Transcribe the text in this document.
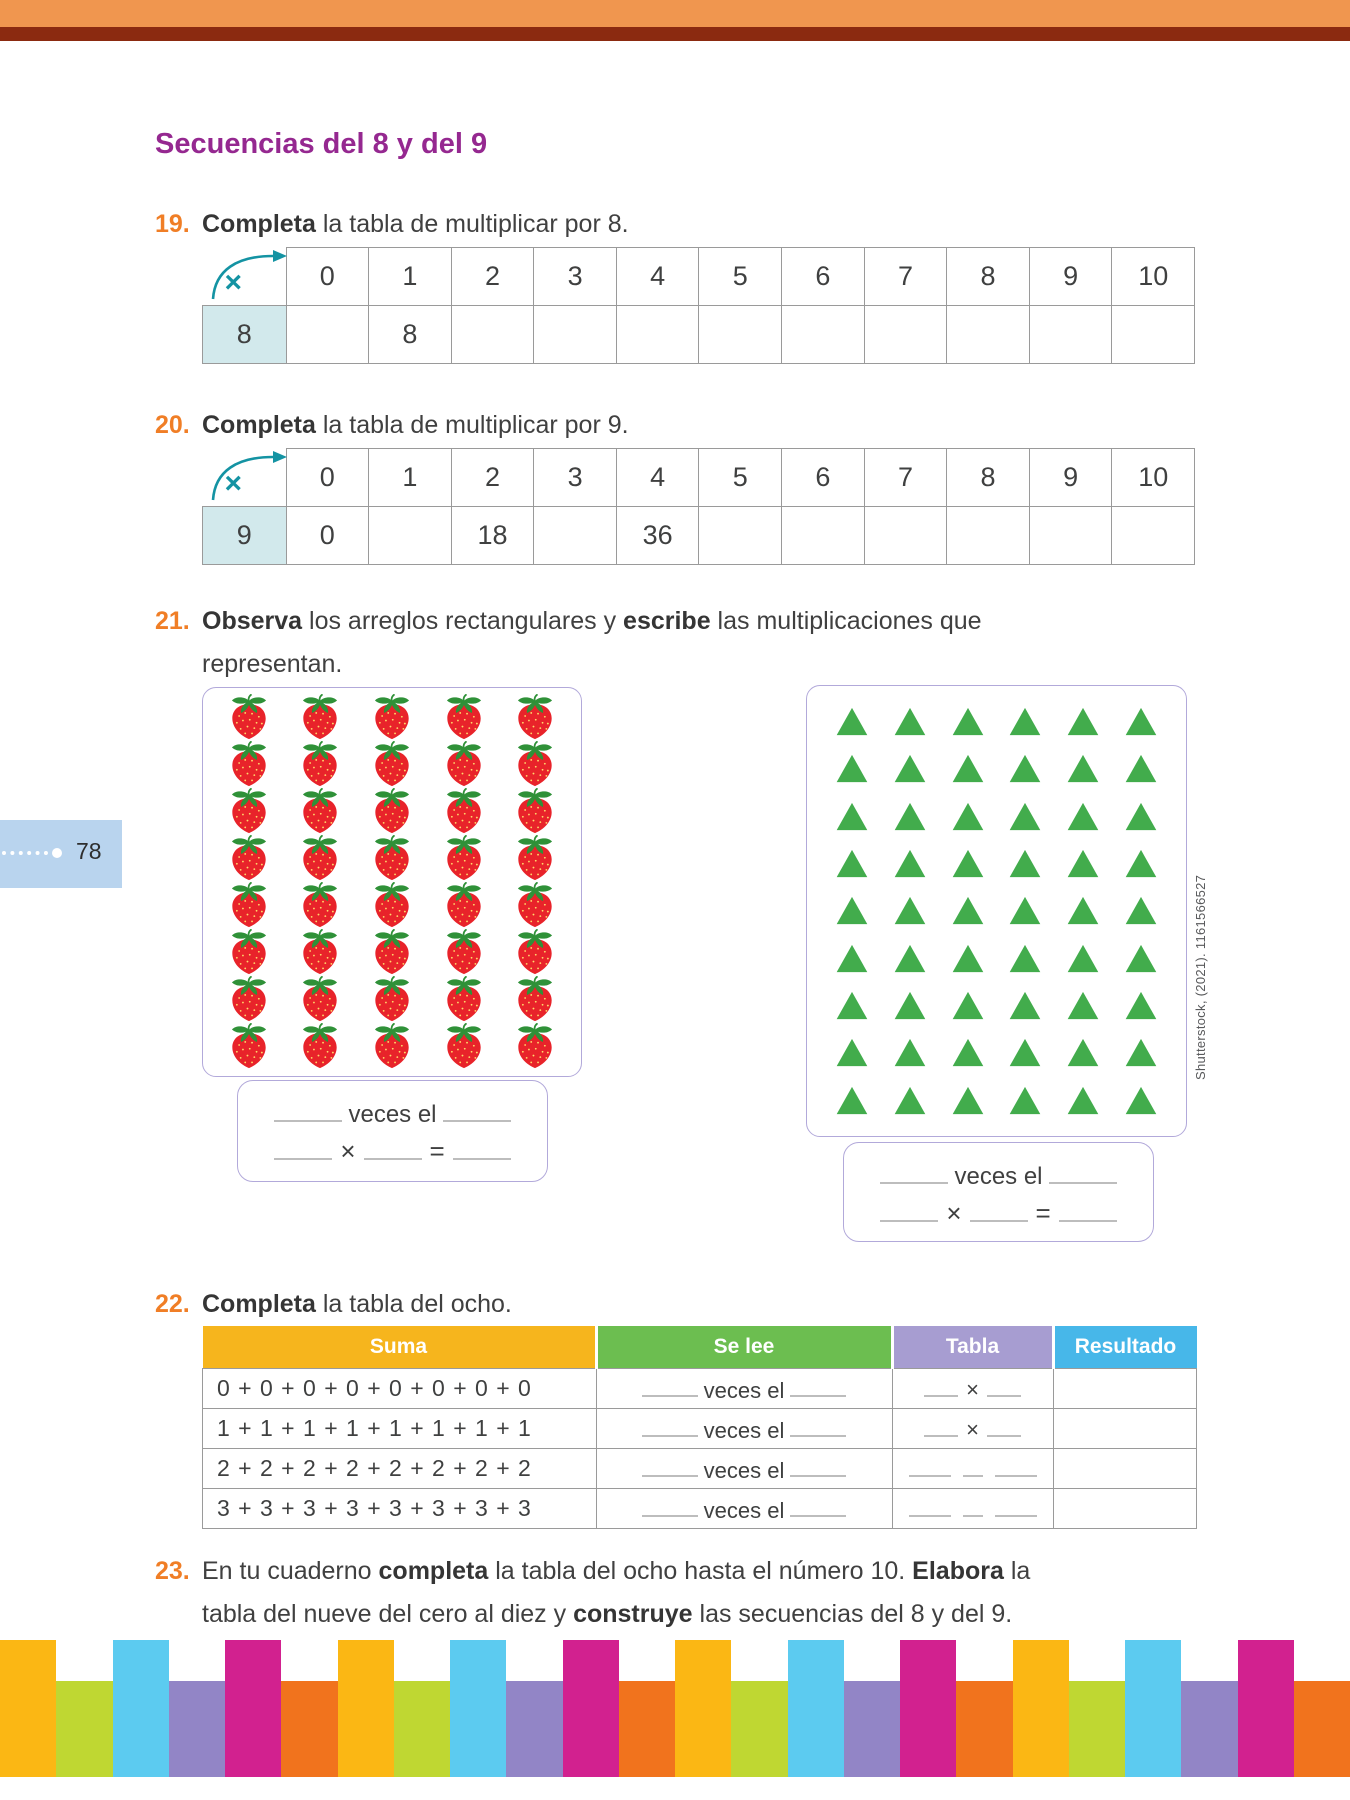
Secuencias del 8 y del 9
19. Completa la tabla de multiplicar por 8.
×	0	1	2	3	4	5	6	7	8	9	10
8		8									
20. Completa la tabla de multiplicar por 9.
×	0	1	2	3	4	5	6	7	8	9	10
9	0		18		36						
21. Observa los arreglos rectangulares y escribe las multiplicaciones que
representan.
veces el
×	=
veces el
×	=
Shutterstock, (2021). 1161566527
78
22. Completa la tabla del ocho.
Suma	Se lee	Tabla	Resultado
0 + 0 + 0 + 0 + 0 + 0 + 0 + 0	veces el	×	
1 + 1 + 1 + 1 + 1 + 1 + 1 + 1	veces el	×	
2 + 2 + 2 + 2 + 2 + 2 + 2 + 2	veces el		
3 + 3 + 3 + 3 + 3 + 3 + 3 + 3	veces el		
23. En tu cuaderno completa la tabla del ocho hasta el número 10. Elabora la
tabla del nueve del cero al diez y construye las secuencias del 8 y del 9.
